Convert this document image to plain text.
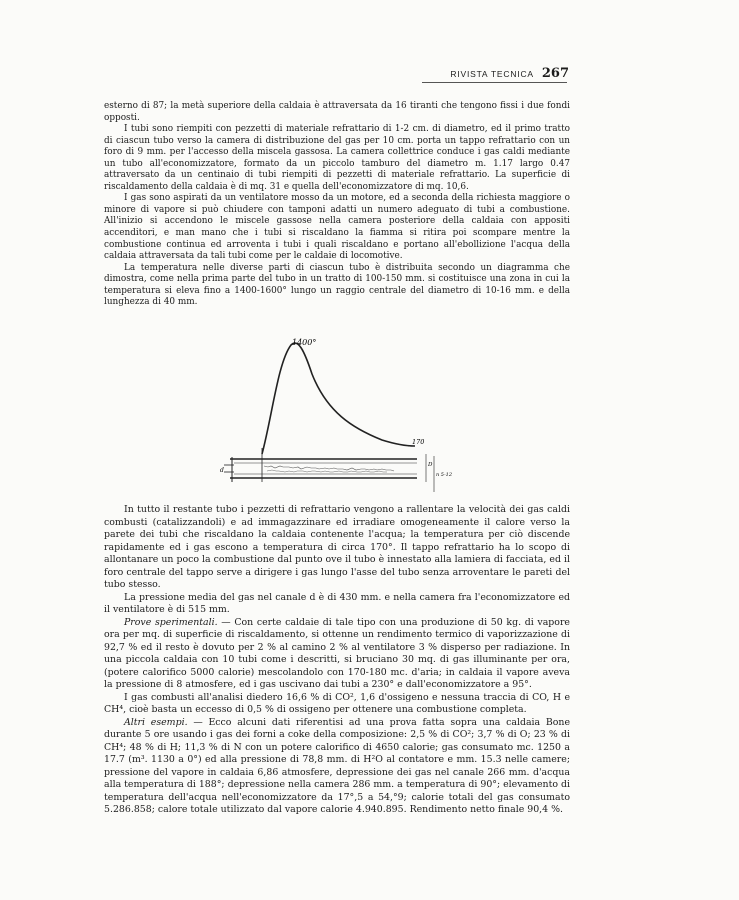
RIVISTA TECNICA 267

esterno di 87; la metà superiore della caldaia è attraversata da 16 tiranti che tengono fissi i due fondi opposti.

I tubi sono riempiti con pezzetti di materiale refrattario di 1-2 cm. di diametro, ed il primo tratto di ciascun tubo verso la camera di distribuzione del gas per 10 cm. porta un tappo refrattario con un foro di 9 mm. per l'accesso della miscela gassosa. La camera collettrice conduce i gas caldi mediante un tubo all'economizzatore, formato da un piccolo tamburo del diametro m. 1.17 largo 0.47 attraversato da un centinaio di tubi riempiti di pezzetti di materiale refrattario. La superficie di riscaldamento della caldaia è di mq. 31 e quella dell'economizzatore di mq. 10,6.

I gas sono aspirati da un ventilatore mosso da un motore, ed a seconda della richiesta maggiore o minore di vapore si può chiudere con tamponi adatti un numero adeguato di tubi a combustione. All'inizio si accendono le miscele gassose nella camera posteriore della caldaia con appositi accenditori, e man mano che i tubi si riscaldano la fiamma si ritira poi scompare mentre la combustione continua ed arroventa i tubi i quali riscaldano e portano all'ebollizione l'acqua della caldaia attraversata da tali tubi come per le caldaie di locomotive.

La temperatura nelle diverse parti di ciascun tubo è distribuita secondo un diagramma che dimostra, come nella prima parte del tubo in un tratto di 100-150 mm. si costituisce una zona in cui la temperatura si eleva fino a 1400-1600° lungo un raggio centrale del diametro di 10-16 mm. e della lunghezza di 40 mm.

1400°
170
d
D
n 5-12

In tutto il restante tubo i pezzetti di refrattario vengono a rallentare la velocità dei gas caldi combusti (catalizzandoli) e ad immagazzinare ed irradiare omogeneamente il calore verso la parete dei tubi che riscaldano la caldaia contenente l'acqua; la temperatura per ciò discende rapidamente ed i gas escono a temperatura di circa 170°. Il tappo refrattario ha lo scopo di allontanare un poco la combustione dal punto ove il tubo è innestato alla lamiera di facciata, ed il foro centrale del tappo serve a dirigere i gas lungo l'asse del tubo senza arroventare le pareti del tubo stesso.

La pressione media del gas nel canale d è di 430 mm. e nella camera fra l'economizzatore ed il ventilatore è di 515 mm.

Prove sperimentali. — Con certe caldaie di tale tipo con una produzione di 50 kg. di vapore ora per mq. di superficie di riscaldamento, si ottenne un rendimento termico di vaporizzazione di 92,7 % ed il resto è dovuto per 2 % al camino 2 % al ventilatore 3 % disperso per radiazione. In una piccola caldaia con 10 tubi come i descritti, si bruciano 30 mq. di gas illuminante per ora, (potere calorifico 5000 calorie) mescolandolo con 170-180 mc. d'aria; in caldaia il vapore aveva la pressione di 8 atmosfere, ed i gas uscivano dai tubi a 230° e dall'economizzatore a 95°.

I gas combusti all'analisi diedero 16,6 % di CO², 1,6 d'ossigeno e nessuna traccia di CO, H e CH⁴, cioè basta un eccesso di 0,5 % di ossigeno per ottenere una combustione completa.

Altri esempi. — Ecco alcuni dati riferentisi ad una prova fatta sopra una caldaia Bone durante 5 ore usando i gas dei forni a coke della composizione: 2,5 % di CO²; 3,7 % di O; 23 % di CH⁴; 48 % di H; 11,3 % di N con un potere calorifico di 4650 calorie; gas consumato mc. 1250 a 17.7 (m³. 1130 a 0°) ed alla pressione di 78,8 mm. di H²O al contatore e mm. 15.3 nelle camere; pressione del vapore in caldaia 6,86 atmosfere, depressione dei gas nel canale 266 mm. d'acqua alla temperatura di 188°; depressione nella camera 286 mm. a temperatura di 90°; elevamento di temperatura dell'acqua nell'economizzatore da 17°,5 a 54,°9; calorie totali del gas consumato 5.286.858; calore totale utilizzato dal vapore calorie 4.940.895. Rendimento netto finale 90,4 %.
